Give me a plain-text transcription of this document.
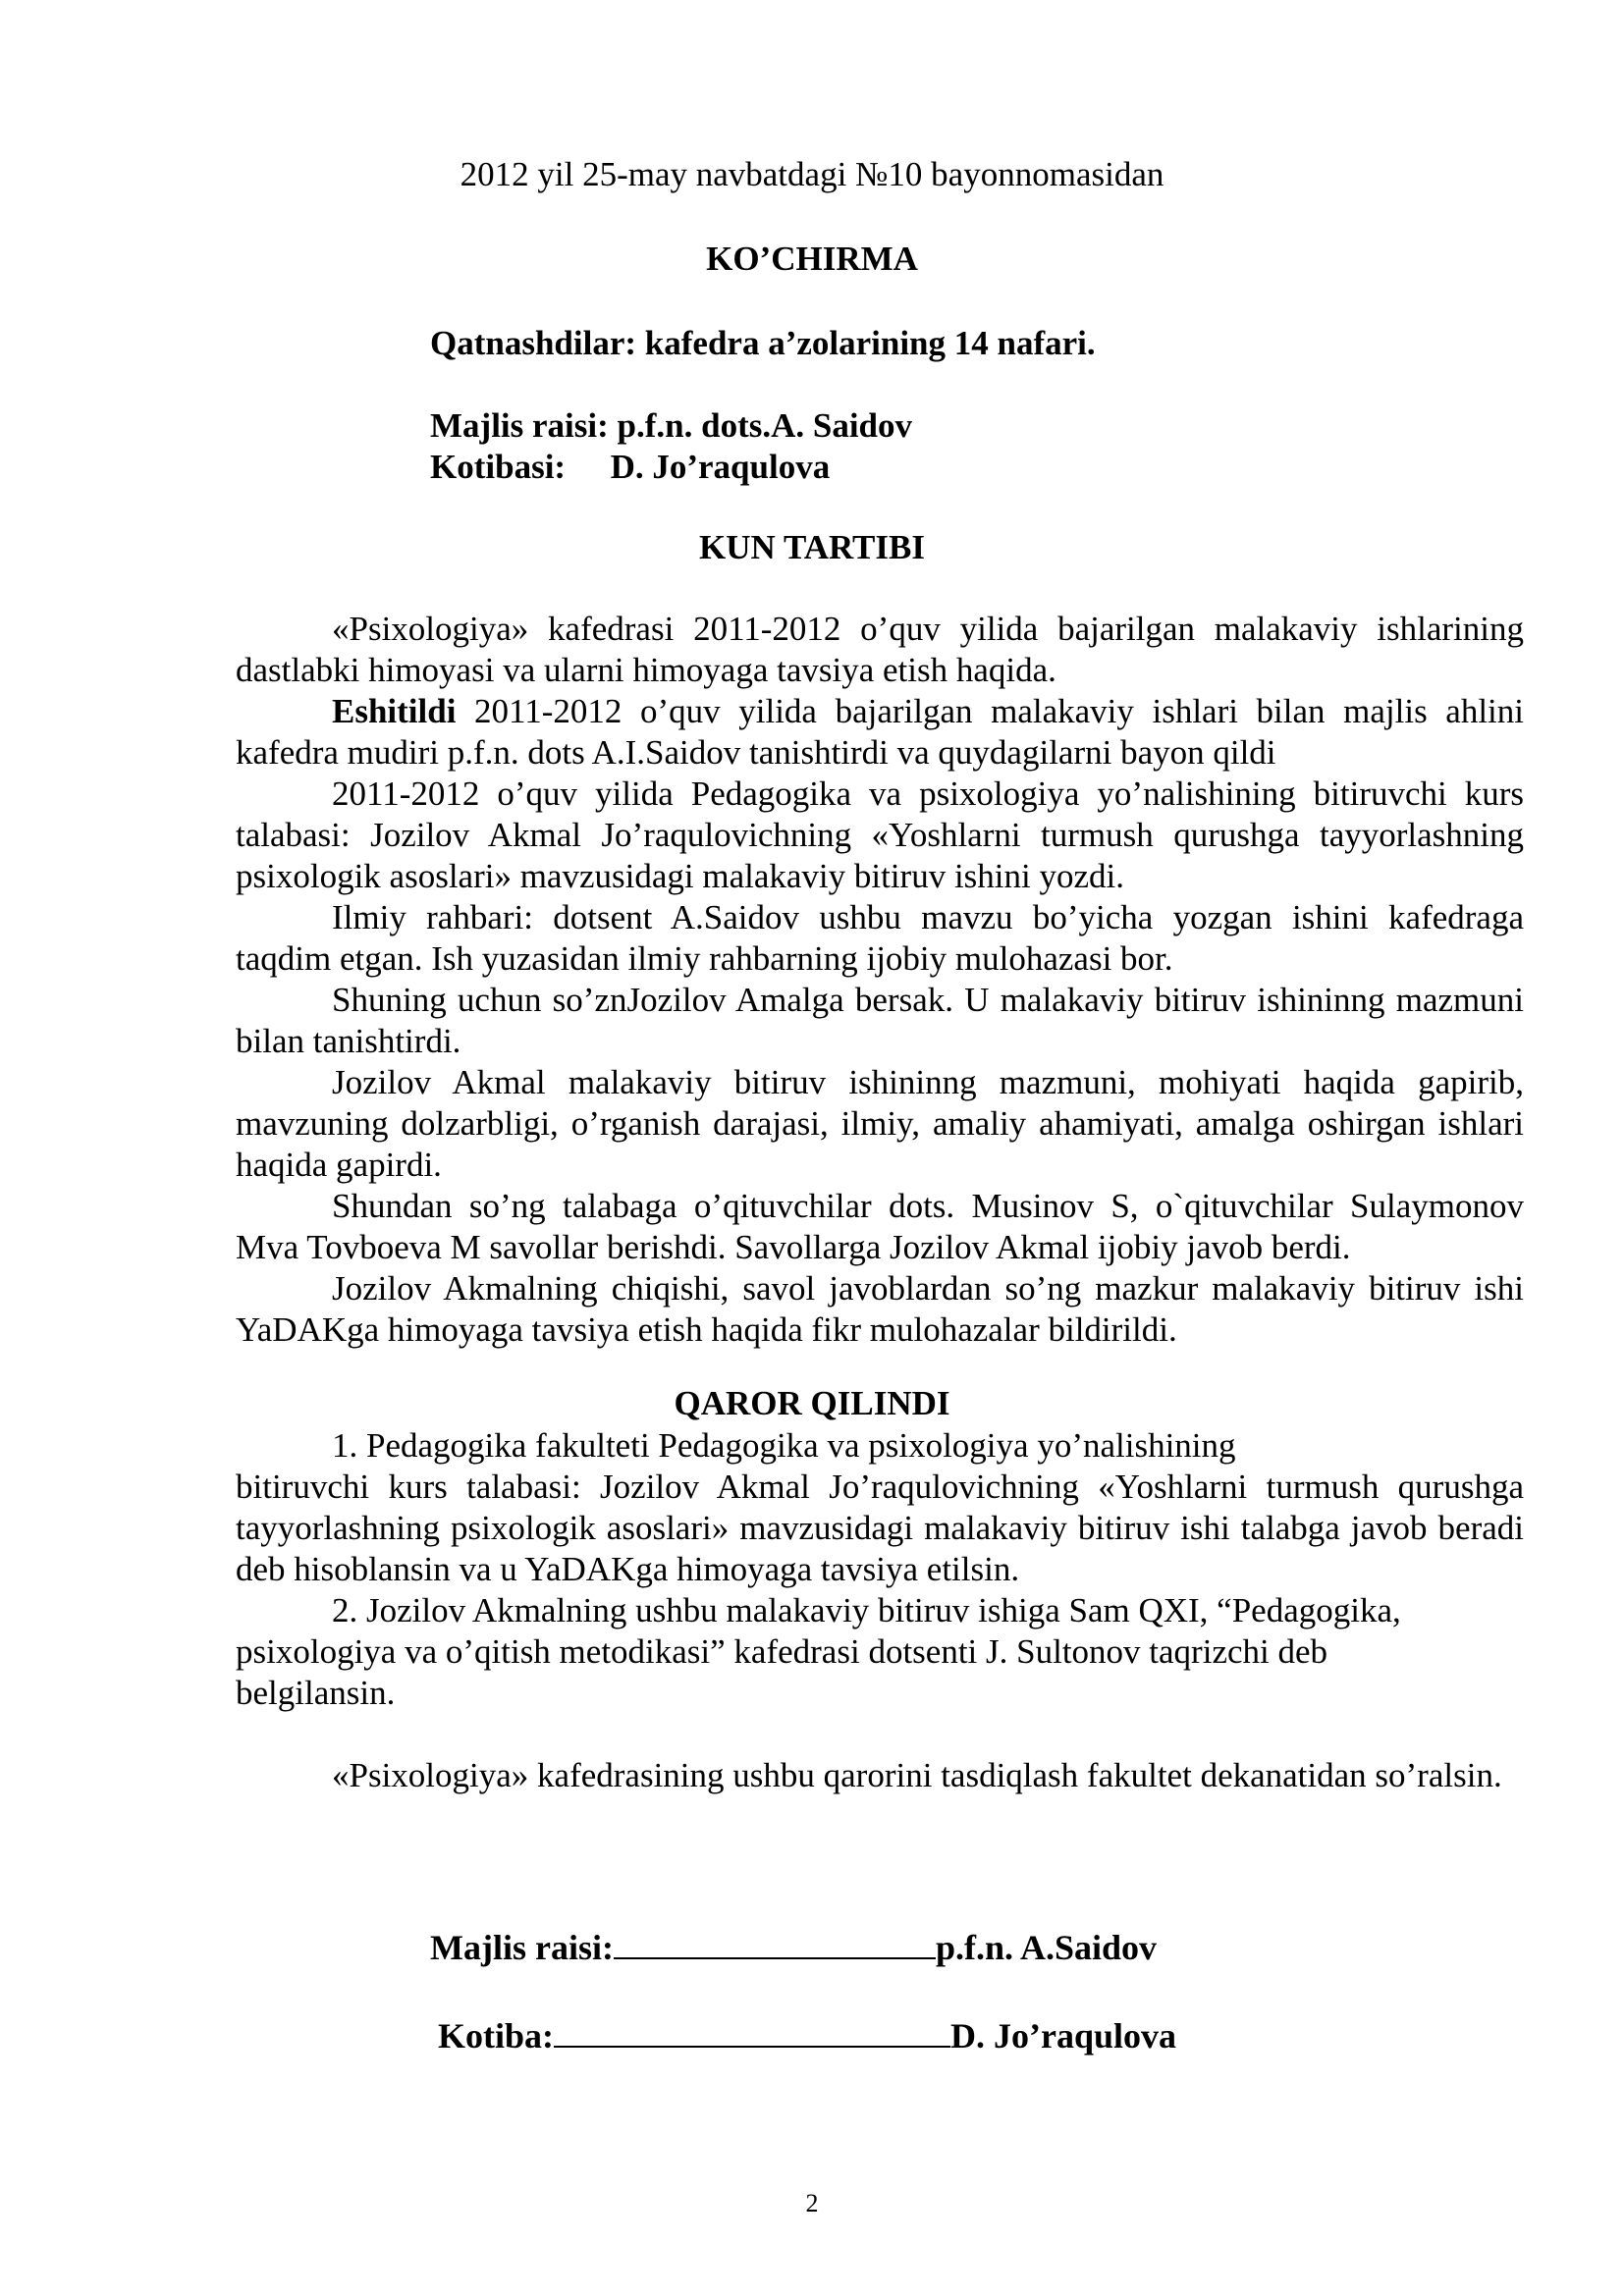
2012 yil 25-may navbatdagi №10 bayonnomasidan
KO’CHIRMA
Qatnashdilar: kafedra a’zolarining 14 nafari.
Majlis raisi: p.f.n. dots.A. Saidov
Kotibasi: D. Jo’raqulova
KUN TARTIBI

«Psixologiya» kafedrasi 2011-2012 o’quv yilida bajarilgan malakaviy ishlarining dastlabki himoyasi va ularni himoyaga tavsiya etish haqida.

Eshitildi 2011-2012 o’quv yilida bajarilgan malakaviy ishlari bilan majlis ahlini kafedra mudiri p.f.n. dots A.I.Saidov tanishtirdi va quydagilarni bayon qildi

2011-2012 o’quv yilida Pedagogika va psixologiya yo’nalishining bitiruvchi kurs talabasi: Jozilov Akmal Jo’raqulovichning «Yoshlarni turmush qurushga tayyorlashning psixologik asoslari» mavzusidagi malakaviy bitiruv ishini yozdi.

Ilmiy rahbari: dotsent A.Saidov ushbu mavzu bo’yicha yozgan ishini kafedraga taqdim etgan. Ish yuzasidan ilmiy rahbarning ijobiy mulohazasi bor.

Shuning uchun so’znJozilov Amalga bersak. U malakaviy bitiruv ishininng mazmuni bilan tanishtirdi.

Jozilov Akmal malakaviy bitiruv ishininng mazmuni, mohiyati haqida gapirib, mavzuning dolzarbligi, o’rganish darajasi, ilmiy, amaliy ahamiyati, amalga oshirgan ishlari haqida gapirdi.

Shundan so’ng talabaga o’qituvchilar dots. Musinov S, o`qituvchilar Sulaymonov Mva Tovboeva M savollar berishdi. Savollarga Jozilov Akmal ijobiy javob berdi.

Jozilov Akmalning chiqishi, savol javoblardan so’ng mazkur malakaviy bitiruv ishi YaDAKga himoyaga tavsiya etish haqida fikr mulohazalar bildirildi.

QAROR QILINDI

1. Pedagogika fakulteti Pedagogika va psixologiya yo’nalishining

bitiruvchi kurs talabasi: Jozilov Akmal Jo’raqulovichning «Yoshlarni turmush qurushga tayyorlashning psixologik asoslari» mavzusidagi malakaviy bitiruv ishi talabga javob beradi deb hisoblansin va u YaDAKga himoyaga tavsiya etilsin.

2. Jozilov Akmalning ushbu malakaviy bitiruv ishiga Sam QXI, “Pedagogika,

psixologiya va o’qitish metodikasi” kafedrasi dotsenti J. Sultonov taqrizchi deb

belgilansin.

«Psixologiya» kafedrasining ushbu qarorini tasdiqlash fakultet dekanatidan so’ralsin.

Majlis raisi:	p.f.n. A.Saidov
Kotiba:	D. Jo’raqulova
2
